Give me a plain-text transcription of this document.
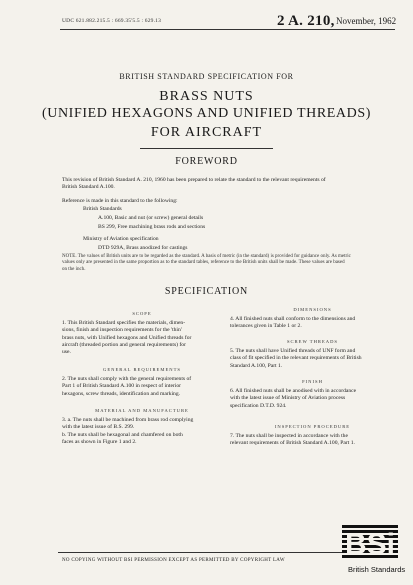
UDC 621.882.215.5 : 669.35'5.5 : 629.13	2 A. 210, November, 1962
BRITISH STANDARD SPECIFICATION FOR
BRASS NUTS
(UNIFIED HEXAGONS AND UNIFIED THREADS)
FOR AIRCRAFT
FOREWORD
This revision of British Standard A. 210, 1960 has been prepared to relate the standard to the relevant requirements of
British Standard A.100.
Reference is made in this standard to the following:
British Standards
A.100, Basic and nut (or screw) general details
BS 299, Free machining brass rods and sections
Ministry of Aviation specification
DTD 929A, Brass anodized for castings
NOTE. The values of British units are to be regarded as the standard. A basis of metric (in the standard) is provided for guidance only. As metric
values only are presented in the same proportion as to the standard tables, reference to the British units shall be made. These values are based
on the inch.
SPECIFICATION
SCOPE
1. This British Standard specifies the materials, dimen-
sions, finish and inspection requirements for the 'thin'
brass nuts, with Unified hexagons and Unified threads for
aircraft (threaded portion and general requirements) for
use.
GENERAL REQUIREMENTS
2. The nuts shall comply with the general requirements of
Part 1 of British Standard A.100 in respect of interior
hexagons, screw threads, identification and marking.
MATERIAL AND MANUFACTURE
3. a. The nuts shall be machined from brass rod complying
with the latest issue of B.S. 299.
b. The nuts shall be hexagonal and chamfered on both
faces as shown in Figure 1 and 2.
DIMENSIONS
4. All finished nuts shall conform to the dimensions and
tolerances given in Table 1 or 2.
SCREW THREADS
5. The nuts shall have Unified threads of UNF form and
class of fit specified in the relevant requirements of British
Standard A.100, Part 1.
FINISH
6. All finished nuts shall be anodised with in accordance
with the latest issue of Ministry of Aviation process
specification D.T.D. 924.
INSPECTION PROCEDURE
7. The nuts shall be inspected in accordance with the
relevant requirements of British Standard A.100, Part 1.
NO COPYING WITHOUT BSI PERMISSION EXCEPT AS PERMITTED BY COPYRIGHT LAW BSi
British Standards
